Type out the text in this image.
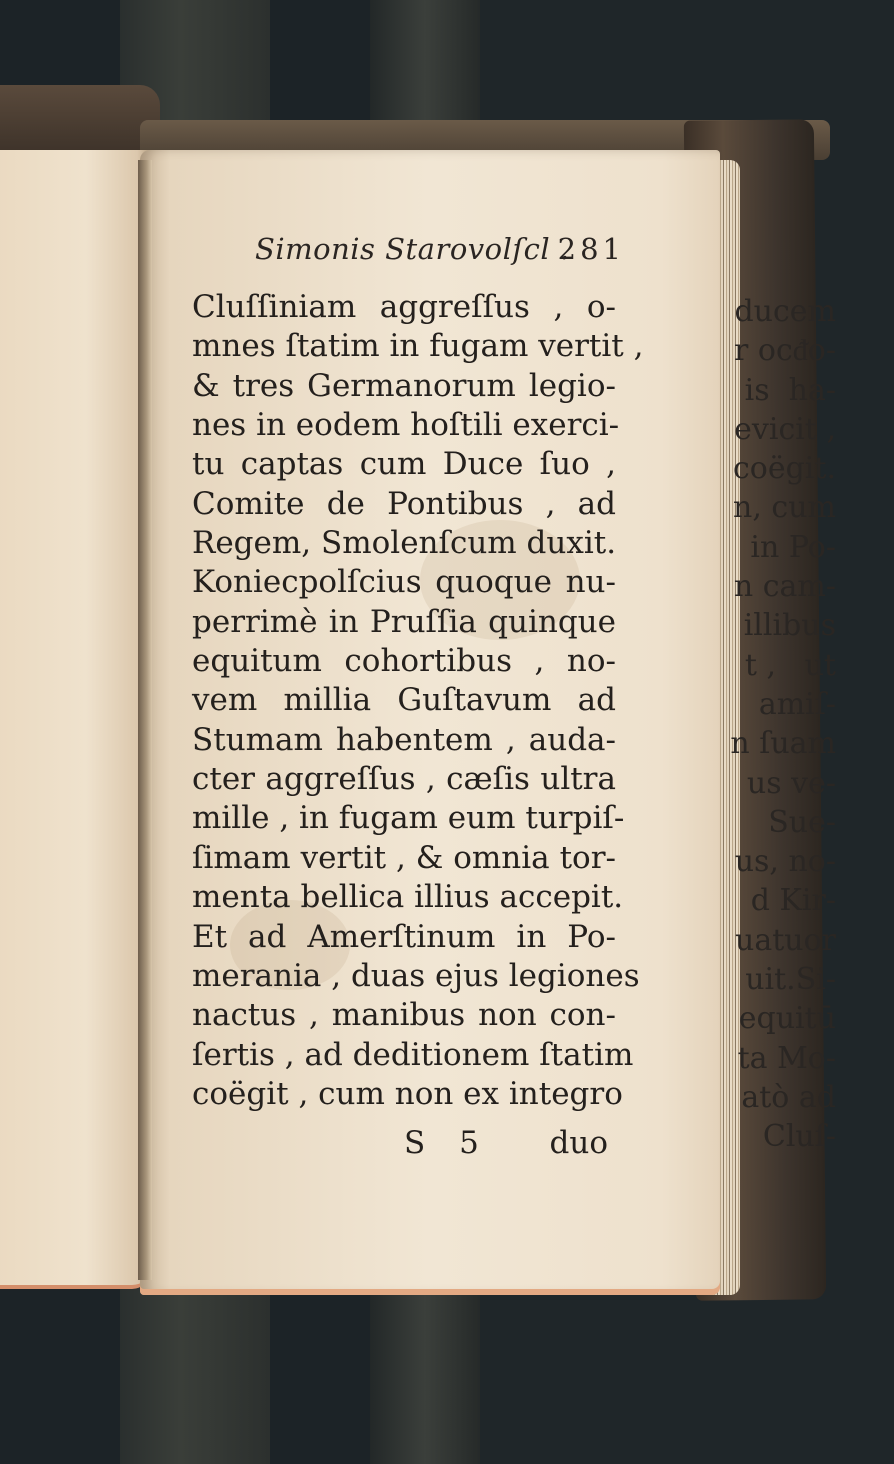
ducem
r ocᵭo-
is  ha-
evicit ,
coëgit.
n, cum
in Po-
n cam-
illibus
t ,   ut
amiſ-
n ſuam
us ve-
Sue-
us, no-
d Kir-
uatuor
uit.Si-
equitū
ta Mo-
atò ad
Cluſ-
Simonis Starovolſcl .
281
Cluſſiniam aggreſſus , o-
mnes ſtatim in fugam vertit ,
& tres Germanorum legio-
nes in eodem hoſtili exerci-
tu captas cum Duce ſuo ,
Comite de Pontibus , ad
Regem, Smolenſcum duxit.
Koniecpolſcius quoque nu-
perrimè in Pruſſia quinque
equitum cohortibus , no-
vem millia Guſtavum ad
Stumam habentem , auda-
cter aggreſſus , cæſis ultra
mille , in fugam eum turpiſ-
ſimam vertit , & omnia tor-
menta bellica illius accepit.
Et ad Amerſtinum in Po-
merania , duas ejus legiones
nactus , manibus non con-
ſertis , ad deditionem ſtatim
coëgit , cum non ex integro
S 5 duo
